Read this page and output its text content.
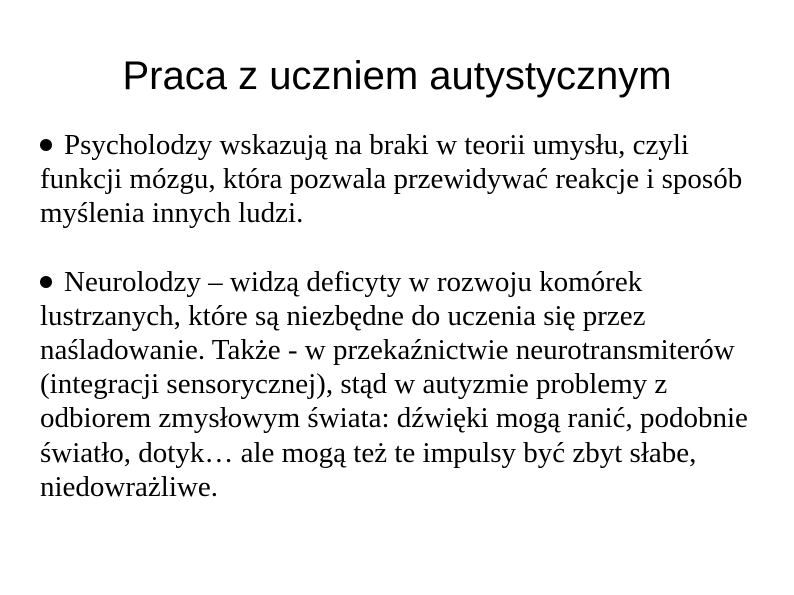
Praca z uczniem autystycznym

Psycholodzy wskazują na braki w teorii umysłu, czyli funkcji mózgu, która pozwala przewidywać reakcje i sposób myślenia innych ludzi.

Neurolodzy – widzą deficyty w rozwoju komórek lustrzanych, które są niezbędne do uczenia się przez naśladowanie. Także - w przekaźnictwie neurotransmiterów (integracji sensorycznej), stąd w autyzmie problemy z odbiorem zmysłowym świata: dźwięki mogą ranić, podobnie światło, dotyk… ale mogą też te impulsy być zbyt słabe, niedowrażliwe.
